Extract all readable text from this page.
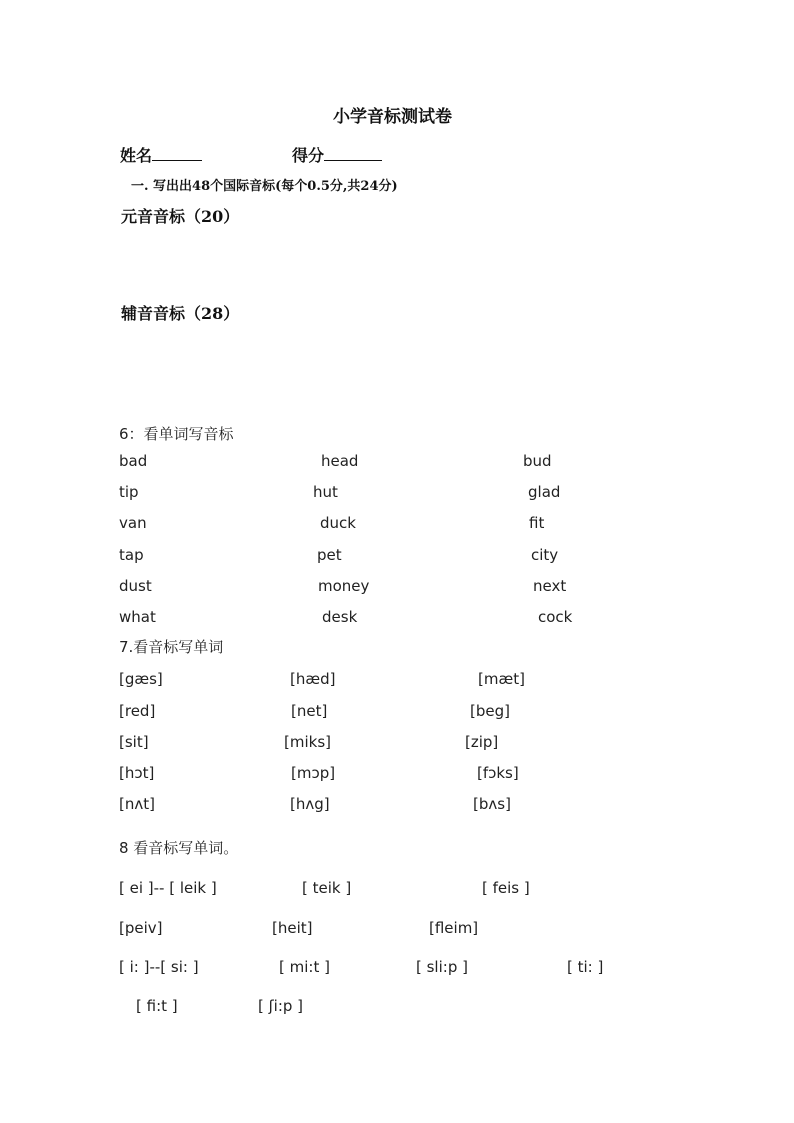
小学音标测试卷
姓名	得分
一. 写出出48个国际音标(每个0.5分,共24分)
元音音标（20）
辅音音标（28）
6：看单词写音标
bad	head	bud
tip	hut	glad
van	duck	fit
tap	pet	city
dust	money	next
what	desk	cock
7.看音标写单词
[gæs]	[hæd]	[mæt]
[red]	[net]	[beg]
[sit]	[miks]	[zip]
[hɔt]	[mɔp]	[fɔks]
[nʌt]	[hʌg]	[bʌs]
8 看音标写单词。
[ ei ]-- [ leik ]	[ teik ]	[ feis ]
[peiv]	[heit]	[fleim]
[ i: ]--[ si: ]	[ mi:t ]	[ sli:p ]	[ ti: ]
[ fi:t ]	[ ʃi:p ]
